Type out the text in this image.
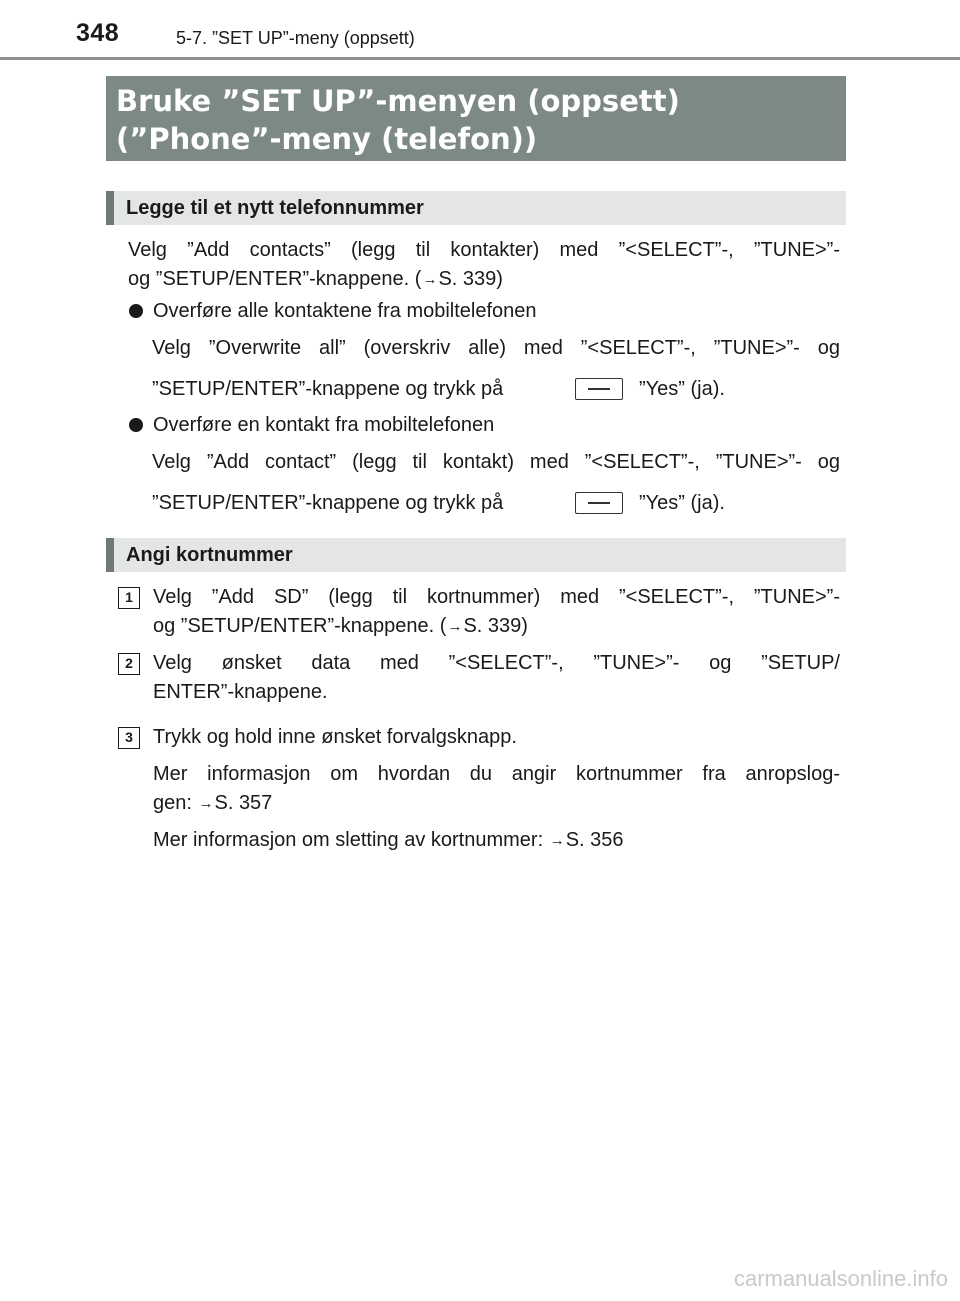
348	5-7. ”SET UP”-meny (oppsett)
Bruke ”SET UP”-menyen (oppsett)
(”Phone”-meny (telefon))
Legge til et nytt telefonnummer
Velg ”Add contacts” (legg til kontakter) med ”<SELECT”-, ”TUNE>”-
og ”SETUP/ENTER”-knappene. (→S. 339)
Overføre alle kontaktene fra mobiltelefonen
Velg ”Overwrite all” (overskriv alle) med ”<SELECT”-, ”TUNE>”- og
”SETUP/ENTER”-knappene og trykk på	”Yes” (ja).
Overføre en kontakt fra mobiltelefonen
Velg ”Add contact” (legg til kontakt) med ”<SELECT”-, ”TUNE>”- og
”SETUP/ENTER”-knappene og trykk på	”Yes” (ja).
Angi kortnummer
1	Velg ”Add SD” (legg til kortnummer) med ”<SELECT”-, ”TUNE>”-
og ”SETUP/ENTER”-knappene. (→S. 339)
2	Velg ønsket data med ”<SELECT”-, ”TUNE>”- og ”SETUP/
ENTER”-knappene.
3	Trykk og hold inne ønsket forvalgsknapp.
Mer informasjon om hvordan du angir kortnummer fra anropslog-
gen: →S. 357
Mer informasjon om sletting av kortnummer: →S. 356
carmanualsonline.info
